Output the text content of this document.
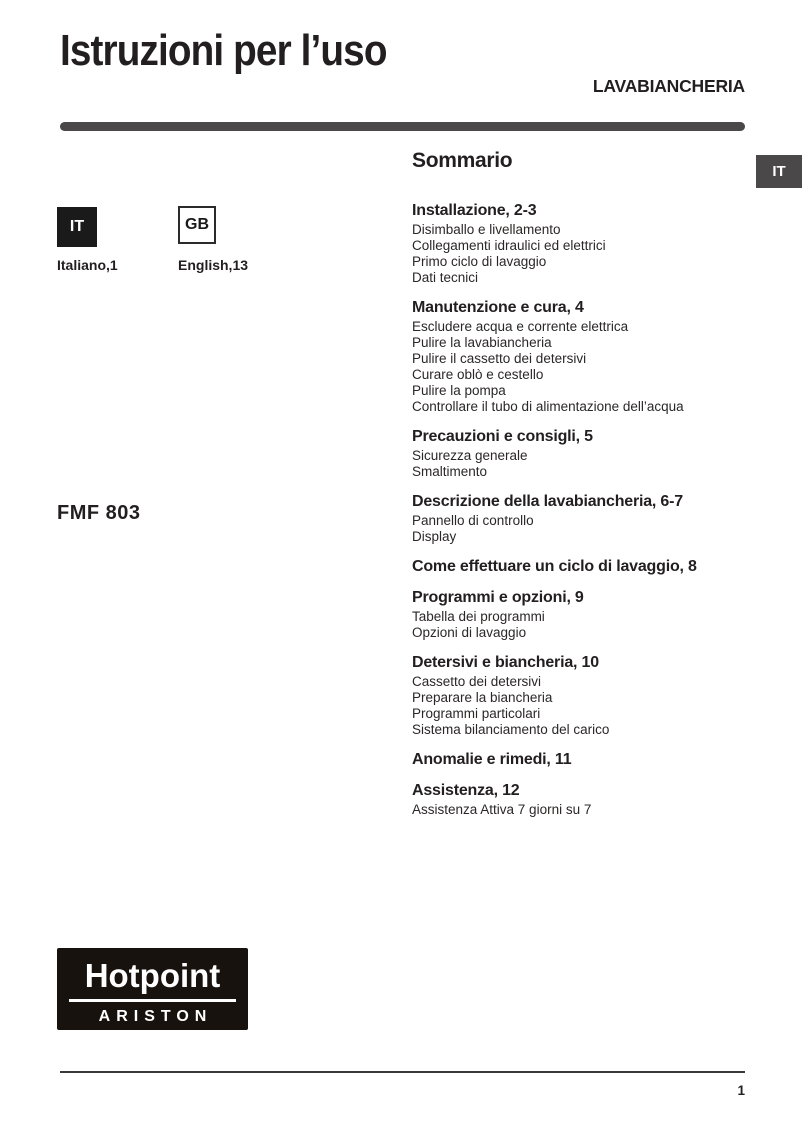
Istruzioni per l’uso
LAVABIANCHERIA
IT
IT
Italiano,1
GB
English,13
Sommario
Installazione, 2-3
Disimballo e livellamento
Collegamenti idraulici ed elettrici
Primo ciclo di lavaggio
Dati tecnici
Manutenzione e cura, 4
Escludere acqua e corrente elettrica
Pulire la lavabiancheria
Pulire il cassetto dei detersivi
Curare oblò e cestello
Pulire la pompa
Controllare il tubo di alimentazione dell’acqua
Precauzioni e consigli, 5
Sicurezza generale
Smaltimento
Descrizione della lavabiancheria, 6-7
Pannello di controllo
Display
Come effettuare un ciclo di lavaggio, 8
Programmi e opzioni, 9
Tabella dei programmi
Opzioni di lavaggio
Detersivi e biancheria, 10
Cassetto dei detersivi
Preparare la biancheria
Programmi particolari
Sistema bilanciamento del carico
Anomalie e rimedi, 11
Assistenza, 12
Assistenza Attiva 7 giorni su 7
FMF 803
Hotpoint
ARISTON
1
